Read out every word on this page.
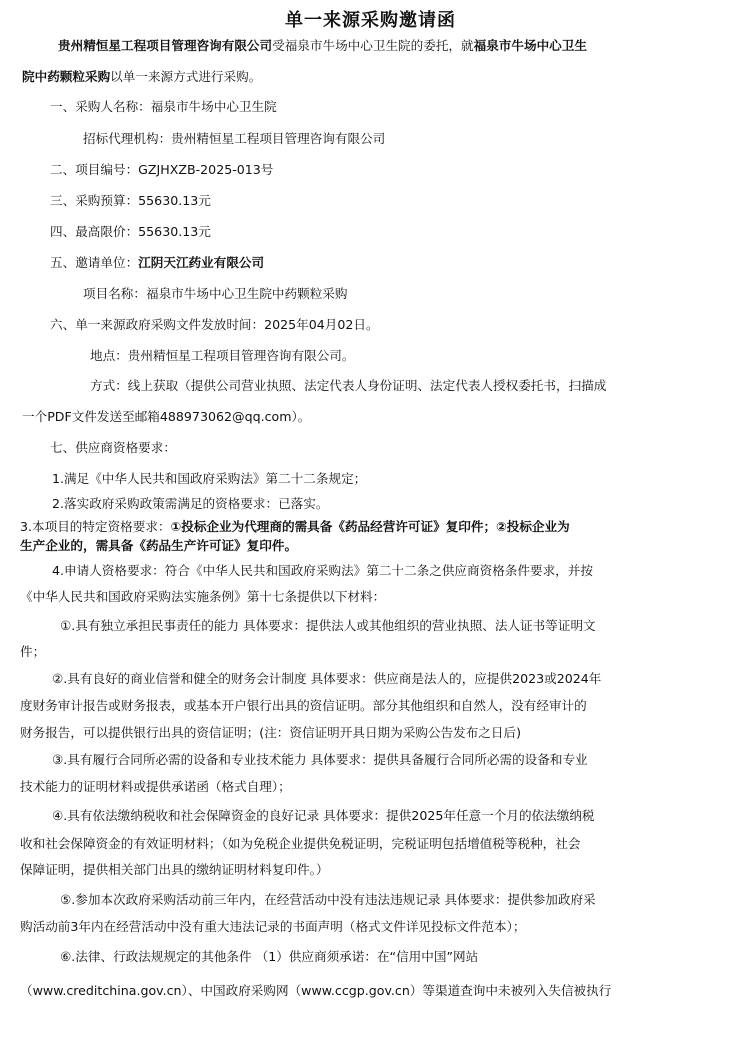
单一来源采购邀请函
贵州精恒星工程项目管理咨询有限公司受福泉市牛场中心卫生院的委托，就福泉市牛场中心卫生
院中药颗粒采购以单一来源方式进行采购。
一、采购人名称：福泉市牛场中心卫生院
招标代理机构：贵州精恒星工程项目管理咨询有限公司
二、项目编号：GZJHXZB-2025-013号
三、采购预算：55630.13元
四、最高限价：55630.13元
五、邀请单位：江阴天江药业有限公司
项目名称：福泉市牛场中心卫生院中药颗粒采购
六、单一来源政府采购文件发放时间：2025年04月02日。
地点：贵州精恒星工程项目管理咨询有限公司。
方式：线上获取（提供公司营业执照、法定代表人身份证明、法定代表人授权委托书，扫描成
一个PDF文件发送至邮箱488973062@qq.com）。
七、供应商资格要求：
1.满足《中华人民共和国政府采购法》第二十二条规定；
2.落实政府采购政策需满足的资格要求：已落实。
3.本项目的特定资格要求：①投标企业为代理商的需具备《药品经营许可证》复印件；②投标企业为
生产企业的，需具备《药品生产许可证》复印件。
4.申请人资格要求：符合《中华人民共和国政府采购法》第二十二条之供应商资格条件要求，并按
《中华人民共和国政府采购法实施条例》第十七条提供以下材料：
①.具有独立承担民事责任的能力 具体要求：提供法人或其他组织的营业执照、法人证书等证明文
件；
②.具有良好的商业信誉和健全的财务会计制度 具体要求：供应商是法人的，应提供2023或2024年
度财务审计报告或财务报表，或基本开户银行出具的资信证明。部分其他组织和自然人，没有经审计的
财务报告，可以提供银行出具的资信证明；(注：资信证明开具日期为采购公告发布之日后)
③.具有履行合同所必需的设备和专业技术能力 具体要求：提供具备履行合同所必需的设备和专业
技术能力的证明材料或提供承诺函（格式自理）；
④.具有依法缴纳税收和社会保障资金的良好记录 具体要求：提供2025年任意一个月的依法缴纳税
收和社会保障资金的有效证明材料；（如为免税企业提供免税证明，完税证明包括增值税等税种，社会
保障证明，提供相关部门出具的缴纳证明材料复印件。）
⑤.参加本次政府采购活动前三年内，在经营活动中没有违法违规记录 具体要求：提供参加政府采
购活动前3年内在经营活动中没有重大违法记录的书面声明（格式文件详见投标文件范本）；
⑥.法律、行政法规规定的其他条件 （1）供应商须承诺：在“信用中国”网站
（www.creditchina.gov.cn）、中国政府采购网（www.ccgp.gov.cn）等渠道查询中未被列入失信被执行
